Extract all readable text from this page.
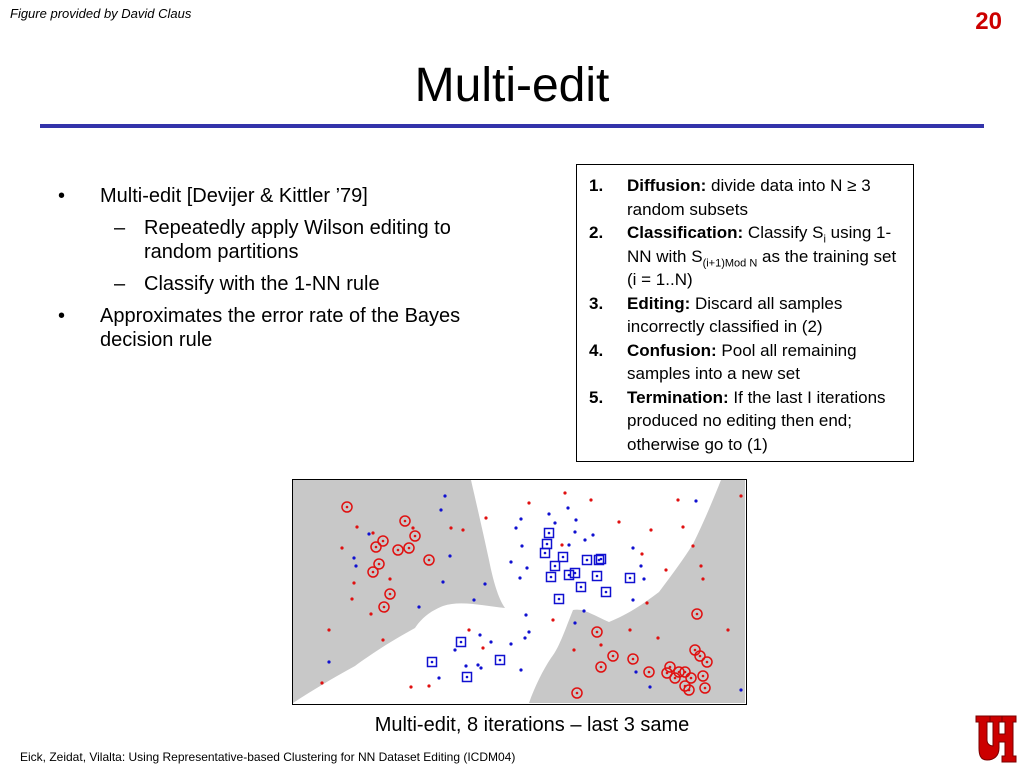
Figure provided by David Claus	20
Multi-edit
• Multi-edit [Devijer & Kittler ’79]
– Repeatedly apply Wilson editing to random partitions
– Classify with the 1-NN rule
• Approximates the error rate of the Bayes decision rule
1. Diffusion: divide data into N ≥ 3 random subsets
2. Classification: Classify $S_i$ using 1-NN with $S_{(i+1)Mod N}$ as the training set (i = 1..N)
3. Editing: Discard all samples incorrectly classified in (2)
4. Confusion: Pool all remaining samples into a new set
5. Termination: If the last I iterations produced no editing then end; otherwise go to (1)
Multi-edit, 8 iterations – last 3 same
Eick, Zeidat, Vilalta: Using Representative-based Clustering for NN Dataset Editing (ICDM04)
